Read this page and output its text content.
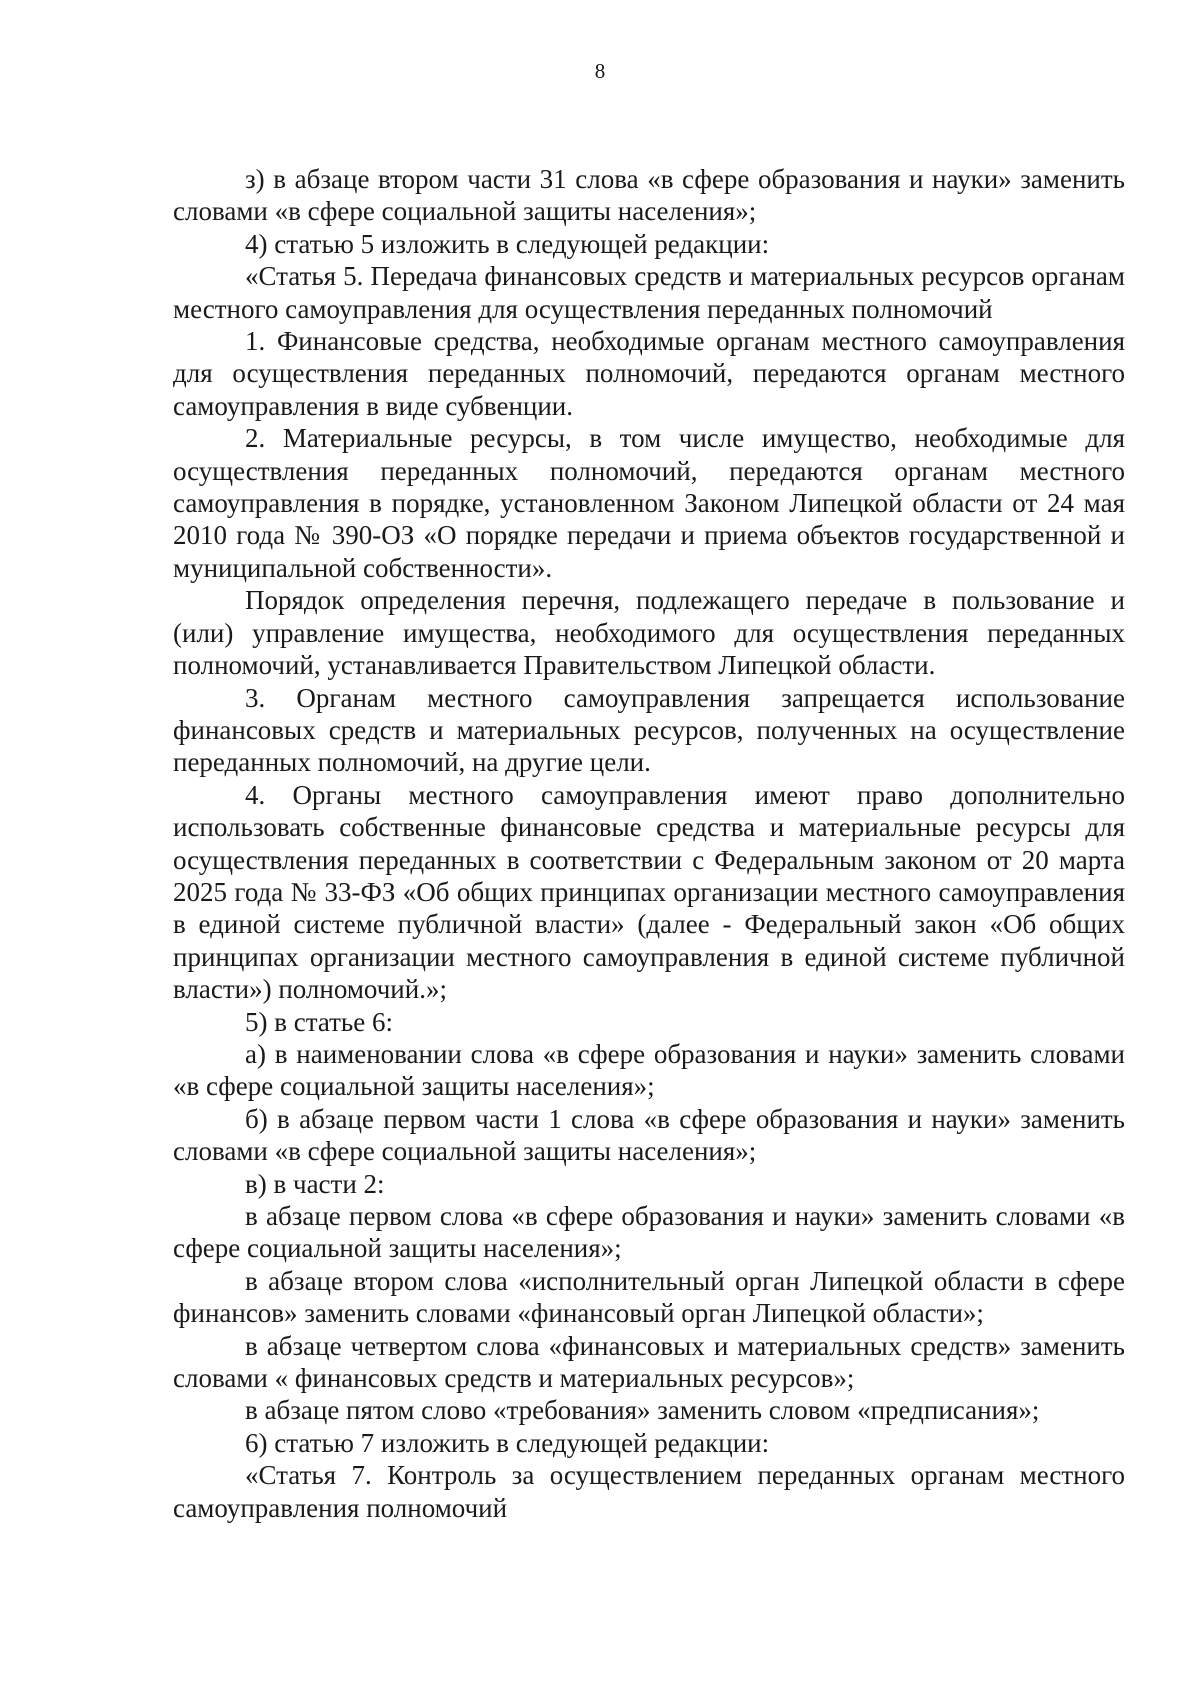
8

з) в абзаце втором части 31 слова «в сфере образования и науки» заменить словами «в сфере социальной защиты населения»;

4) статью 5 изложить в следующей редакции:

«Статья 5. Передача финансовых средств и материальных ресурсов органам местного самоуправления для осуществления переданных полномочий

1. Финансовые средства, необходимые органам местного самоуправления для осуществления переданных полномочий, передаются органам местного самоуправления в виде субвенции.

2. Материальные ресурсы, в том числе имущество, необходимые для осуществления переданных полномочий, передаются органам местного самоуправления в порядке, установленном Законом Липецкой области от 24 мая 2010 года № 390-ОЗ «О порядке передачи и приема объектов государственной и муниципальной собственности».

Порядок определения перечня, подлежащего передаче в пользование и (или) управление имущества, необходимого для осуществления переданных полномочий, устанавливается Правительством Липецкой области.

3. Органам местного самоуправления запрещается использование финансовых средств и материальных ресурсов, полученных на осуществление переданных полномочий, на другие цели.

4. Органы местного самоуправления имеют право дополнительно использовать собственные финансовые средства и материальные ресурсы для осуществления переданных в соответствии с Федеральным законом от 20 марта 2025 года № 33-ФЗ «Об общих принципах организации местного самоуправления в единой системе публичной власти» (далее - Федеральный закон «Об общих принципах организации местного самоуправления в единой системе публичной власти») полномочий.»;

5) в статье 6:

а) в наименовании слова «в сфере образования и науки» заменить словами «в сфере социальной защиты населения»;

б) в абзаце первом части 1 слова «в сфере образования и науки» заменить словами «в сфере социальной защиты населения»;

в) в части 2:

в абзаце первом слова «в сфере образования и науки» заменить словами «в сфере социальной защиты населения»;

в абзаце втором слова «исполнительный орган Липецкой области в сфере финансов» заменить словами «финансовый орган Липецкой области»;

в абзаце четвертом слова «финансовых и материальных средств» заменить словами « финансовых средств и материальных ресурсов»;

в абзаце пятом слово «требования» заменить словом «предписания»;

6) статью 7 изложить в следующей редакции:

«Статья 7. Контроль за осуществлением переданных органам местного самоуправления полномочий
